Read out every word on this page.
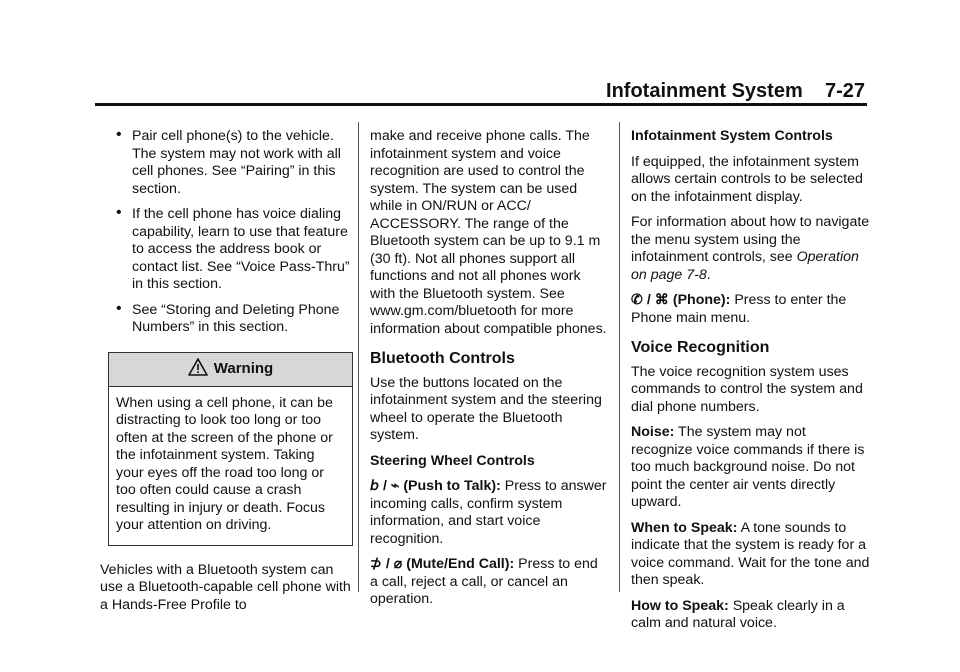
Infotainment System    7-27
• Pair cell phone(s) to the vehicle. The system may not work with all cell phones. See “Pairing” in this section.
• If the cell phone has voice dialing capability, learn to use that feature to access the address book or contact list. See “Voice Pass-Thru” in this section.
• See “Storing and Deleting Phone Numbers” in this section.
Warning
When using a cell phone, it can be distracting to look too long or too often at the screen of the phone or the infotainment system. Taking your eyes off the road too long or too often could cause a crash resulting in injury or death. Focus your attention on driving.

Vehicles with a Bluetooth system can use a Bluetooth-capable cell phone with a Hands-Free Profile to

make and receive phone calls. The infotainment system and voice recognition are used to control the system. The system can be used while in ON/RUN or ACC/ ACCESSORY. The range of the Bluetooth system can be up to 9.1 m (30 ft). Not all phones support all functions and not all phones work with the Bluetooth system. See www.gm.com/bluetooth for more information about compatible phones.

Bluetooth Controls

Use the buttons located on the infotainment system and the steering wheel to operate the Bluetooth system.

Steering Wheel Controls

𝘣 / ⌁ (Push to Talk): Press to answer incoming calls, confirm system information, and start voice recognition.

⊅ / ⌀ (Mute/End Call): Press to end a call, reject a call, or cancel an operation.

Infotainment System Controls

If equipped, the infotainment system allows certain controls to be selected on the infotainment display.

For information about how to navigate the menu system using the infotainment controls, see Operation on page 7-8.

✆ / ⌘ (Phone): Press to enter the Phone main menu.

Voice Recognition

The voice recognition system uses commands to control the system and dial phone numbers.

Noise: The system may not recognize voice commands if there is too much background noise. Do not point the center air vents directly upward.

When to Speak: A tone sounds to indicate that the system is ready for a voice command. Wait for the tone and then speak.

How to Speak: Speak clearly in a calm and natural voice.
